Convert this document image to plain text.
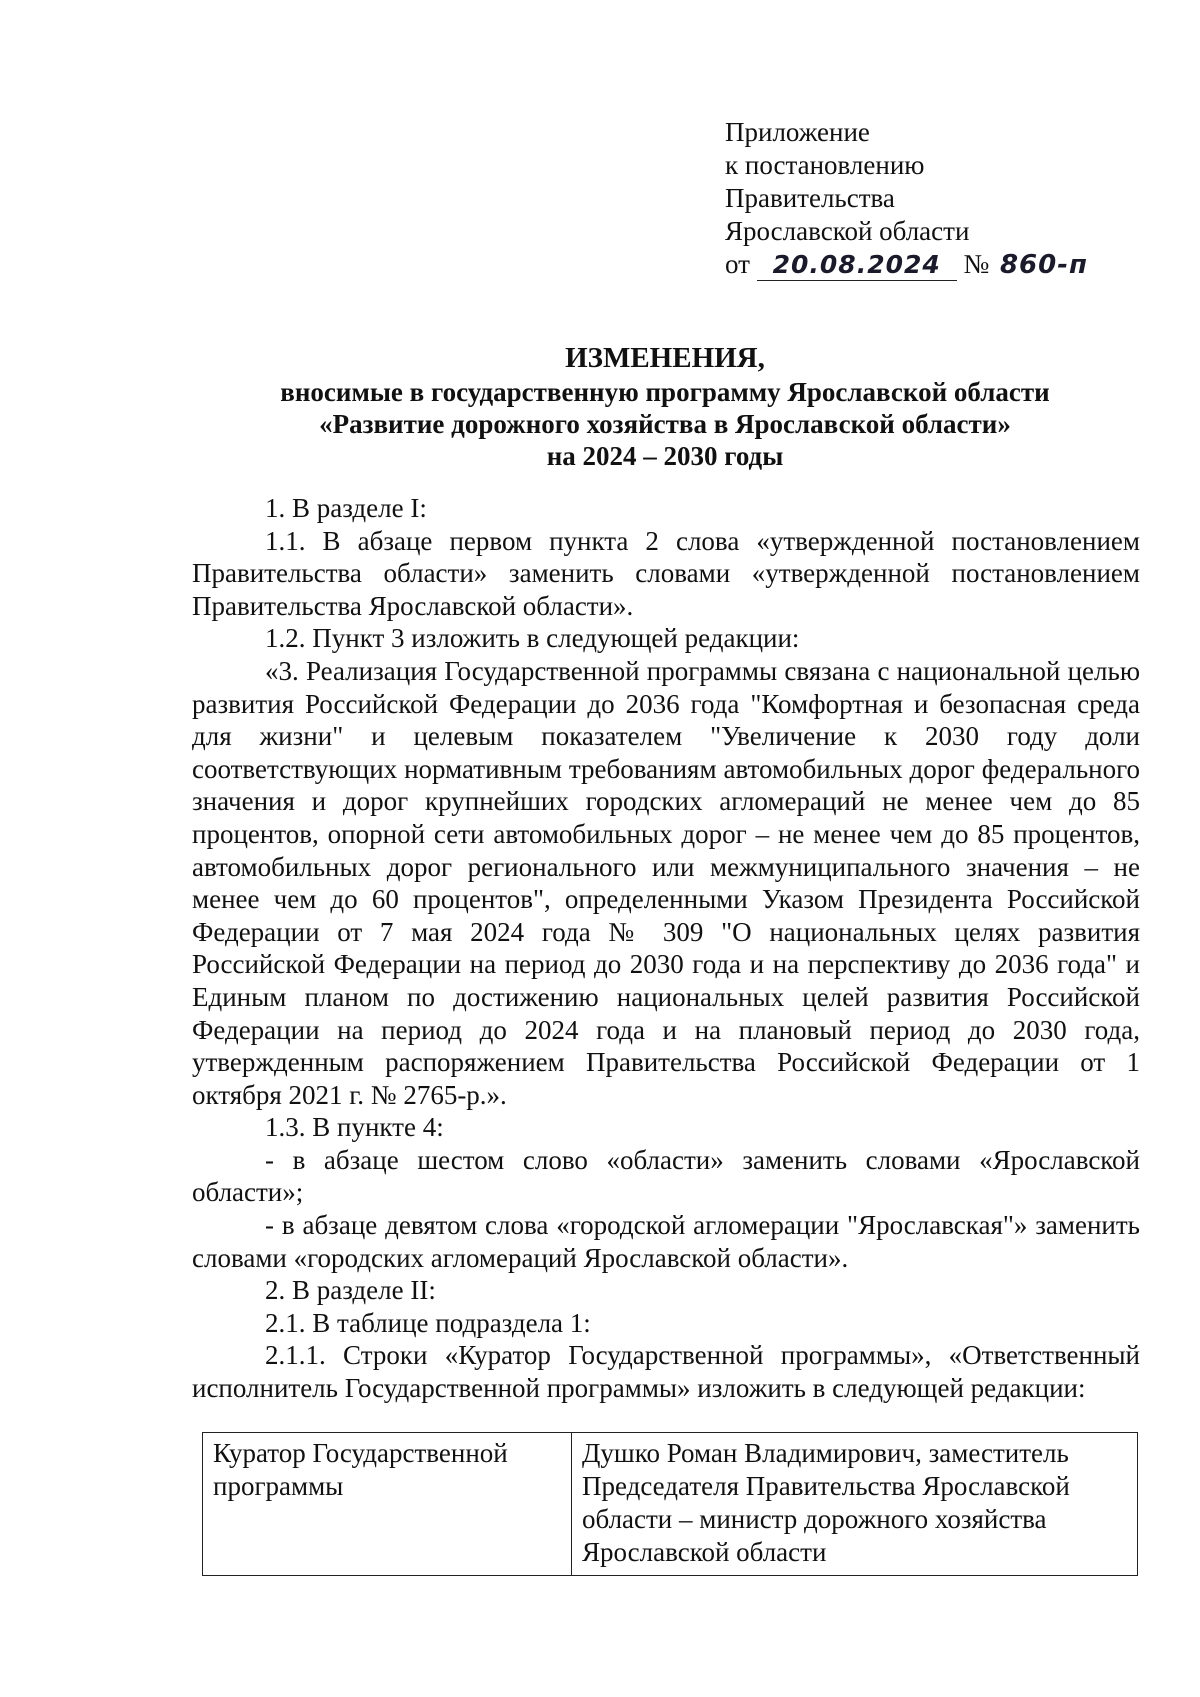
Приложение
к постановлению
Правительства
Ярославской области
от 20.08.2024 № 860-п
ИЗМЕНЕНИЯ,
вносимые в государственную программу Ярославской области
«Развитие дорожного хозяйства в Ярославской области»
на 2024 – 2030 годы
1. В разделе I:
1.1. В абзаце первом пункта 2 слова «утвержденной постановлением Правительства области» заменить словами «утвержденной постановлением Правительства Ярославской области».
1.2. Пункт 3 изложить в следующей редакции:
«3. Реализация Государственной программы связана с национальной целью развития Российской Федерации до 2036 года "Комфортная и безопасная среда для жизни" и целевым показателем "Увеличение к 2030 году доли соответствующих нормативным требованиям автомобильных дорог федерального значения и дорог крупнейших городских агломераций не менее чем до 85 процентов, опорной сети автомобильных дорог – не менее чем до 85 процентов, автомобильных дорог регионального или межмуниципального значения – не менее чем до 60 процентов", определенными Указом Президента Российской Федерации от 7 мая 2024 года № 309 "О национальных целях развития Российской Федерации на период до 2030 года и на перспективу до 2036 года" и Единым планом по достижению национальных целей развития Российской Федерации на период до 2024 года и на плановый период до 2030 года, утвержденным распоряжением Правительства Российской Федерации от 1 октября 2021 г. № 2765-р.».
1.3. В пункте 4:
- в абзаце шестом слово «области» заменить словами «Ярославской области»;
- в абзаце девятом слова «городской агломерации "Ярославская"» заменить словами «городских агломераций Ярославской области».
2. В разделе II:
2.1. В таблице подраздела 1:
2.1.1. Строки «Куратор Государственной программы», «Ответственный исполнитель Государственной программы» изложить в следующей редакции:
Куратор Государственной программы	Душко Роман Владимирович, заместитель Председателя Правительства Ярославской области – министр дорожного хозяйства Ярославской области
